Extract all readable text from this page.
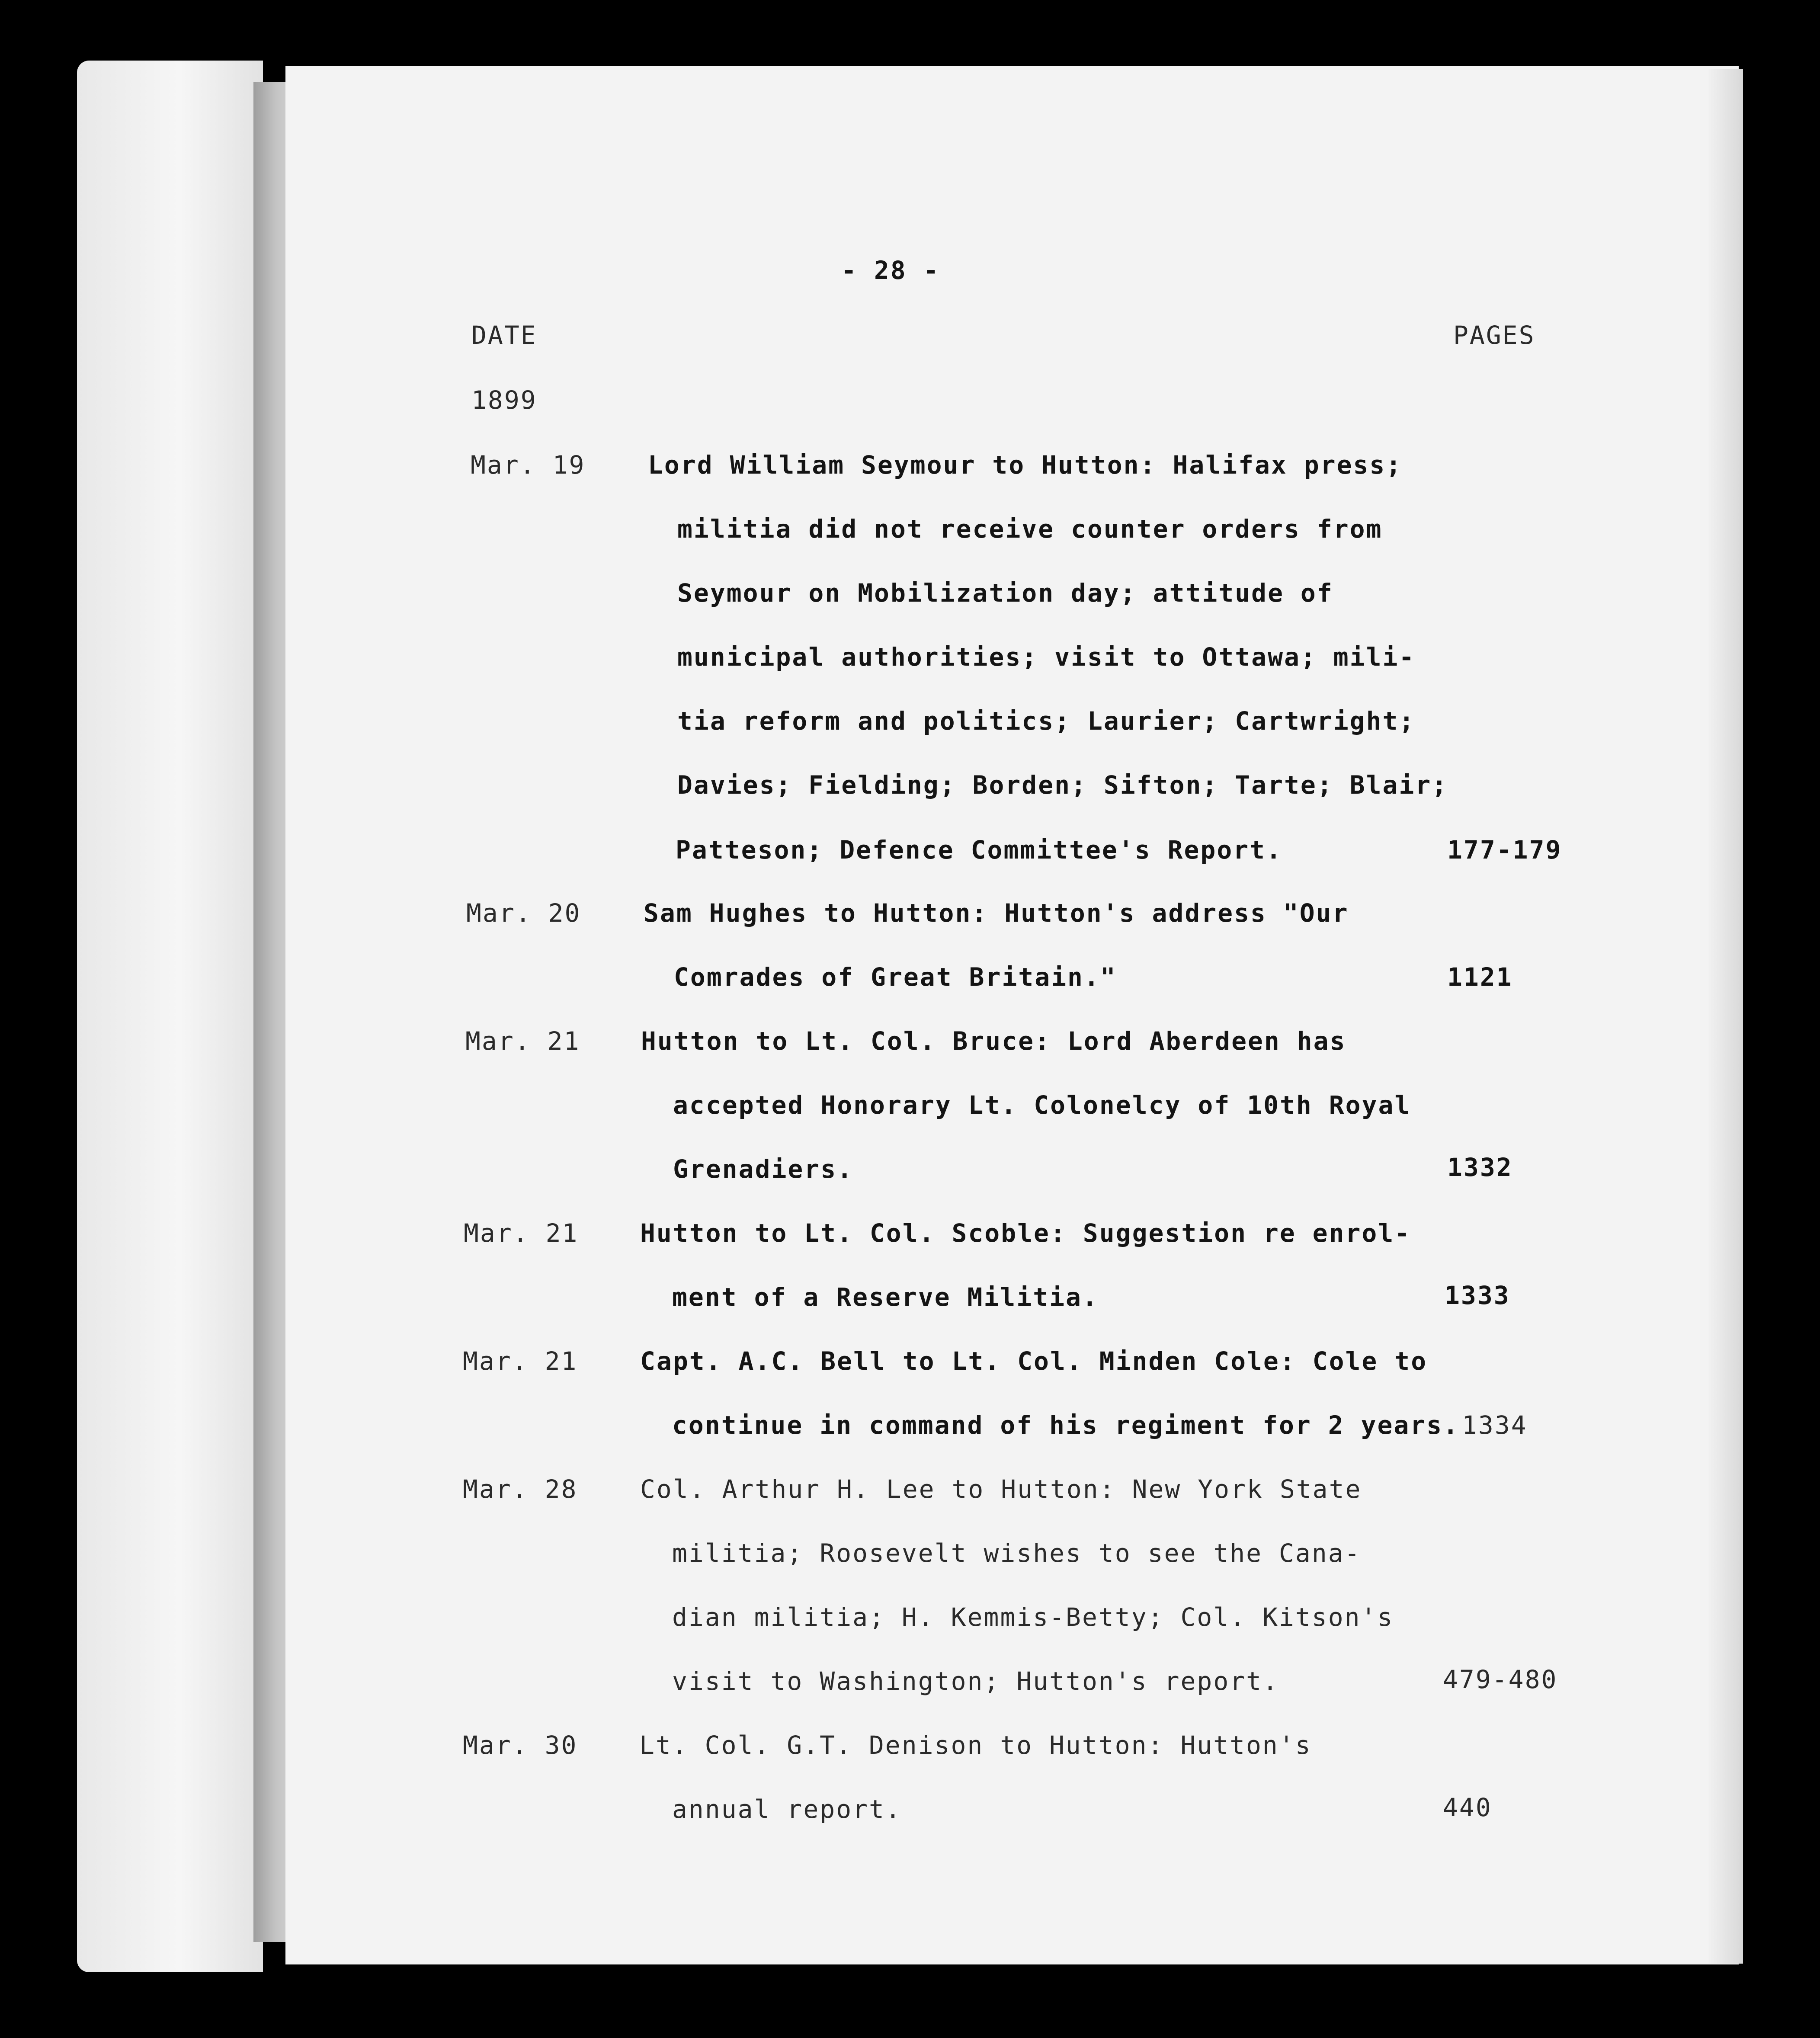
- 28 -
DATE	PAGES
1899
Mar. 19 Lord William Seymour to Hutton: Halifax press;
militia did not receive counter orders from
Seymour on Mobilization day; attitude of
municipal authorities; visit to Ottawa; mili-
tia reform and politics; Laurier; Cartwright;
Davies; Fielding; Borden; Sifton; Tarte; Blair;
Patteson; Defence Committee's Report.	177-179
Mar. 20 Sam Hughes to Hutton: Hutton's address "Our
Comrades of Great Britain."	1121
Mar. 21 Hutton to Lt. Col. Bruce: Lord Aberdeen has
accepted Honorary Lt. Colonelcy of 10th Royal
Grenadiers.	1332
Mar. 21 Hutton to Lt. Col. Scoble: Suggestion re enrol-
ment of a Reserve Militia.	1333
Mar. 21 Capt. A.C. Bell to Lt. Col. Minden Cole: Cole to
continue in command of his regiment for 2 years. 1334
Mar. 28 Col. Arthur H. Lee to Hutton: New York State
militia; Roosevelt wishes to see the Cana-
dian militia; H. Kemmis-Betty; Col. Kitson's
visit to Washington; Hutton's report.	479-480
Mar. 30 Lt. Col. G.T. Denison to Hutton: Hutton's
annual report.	440
